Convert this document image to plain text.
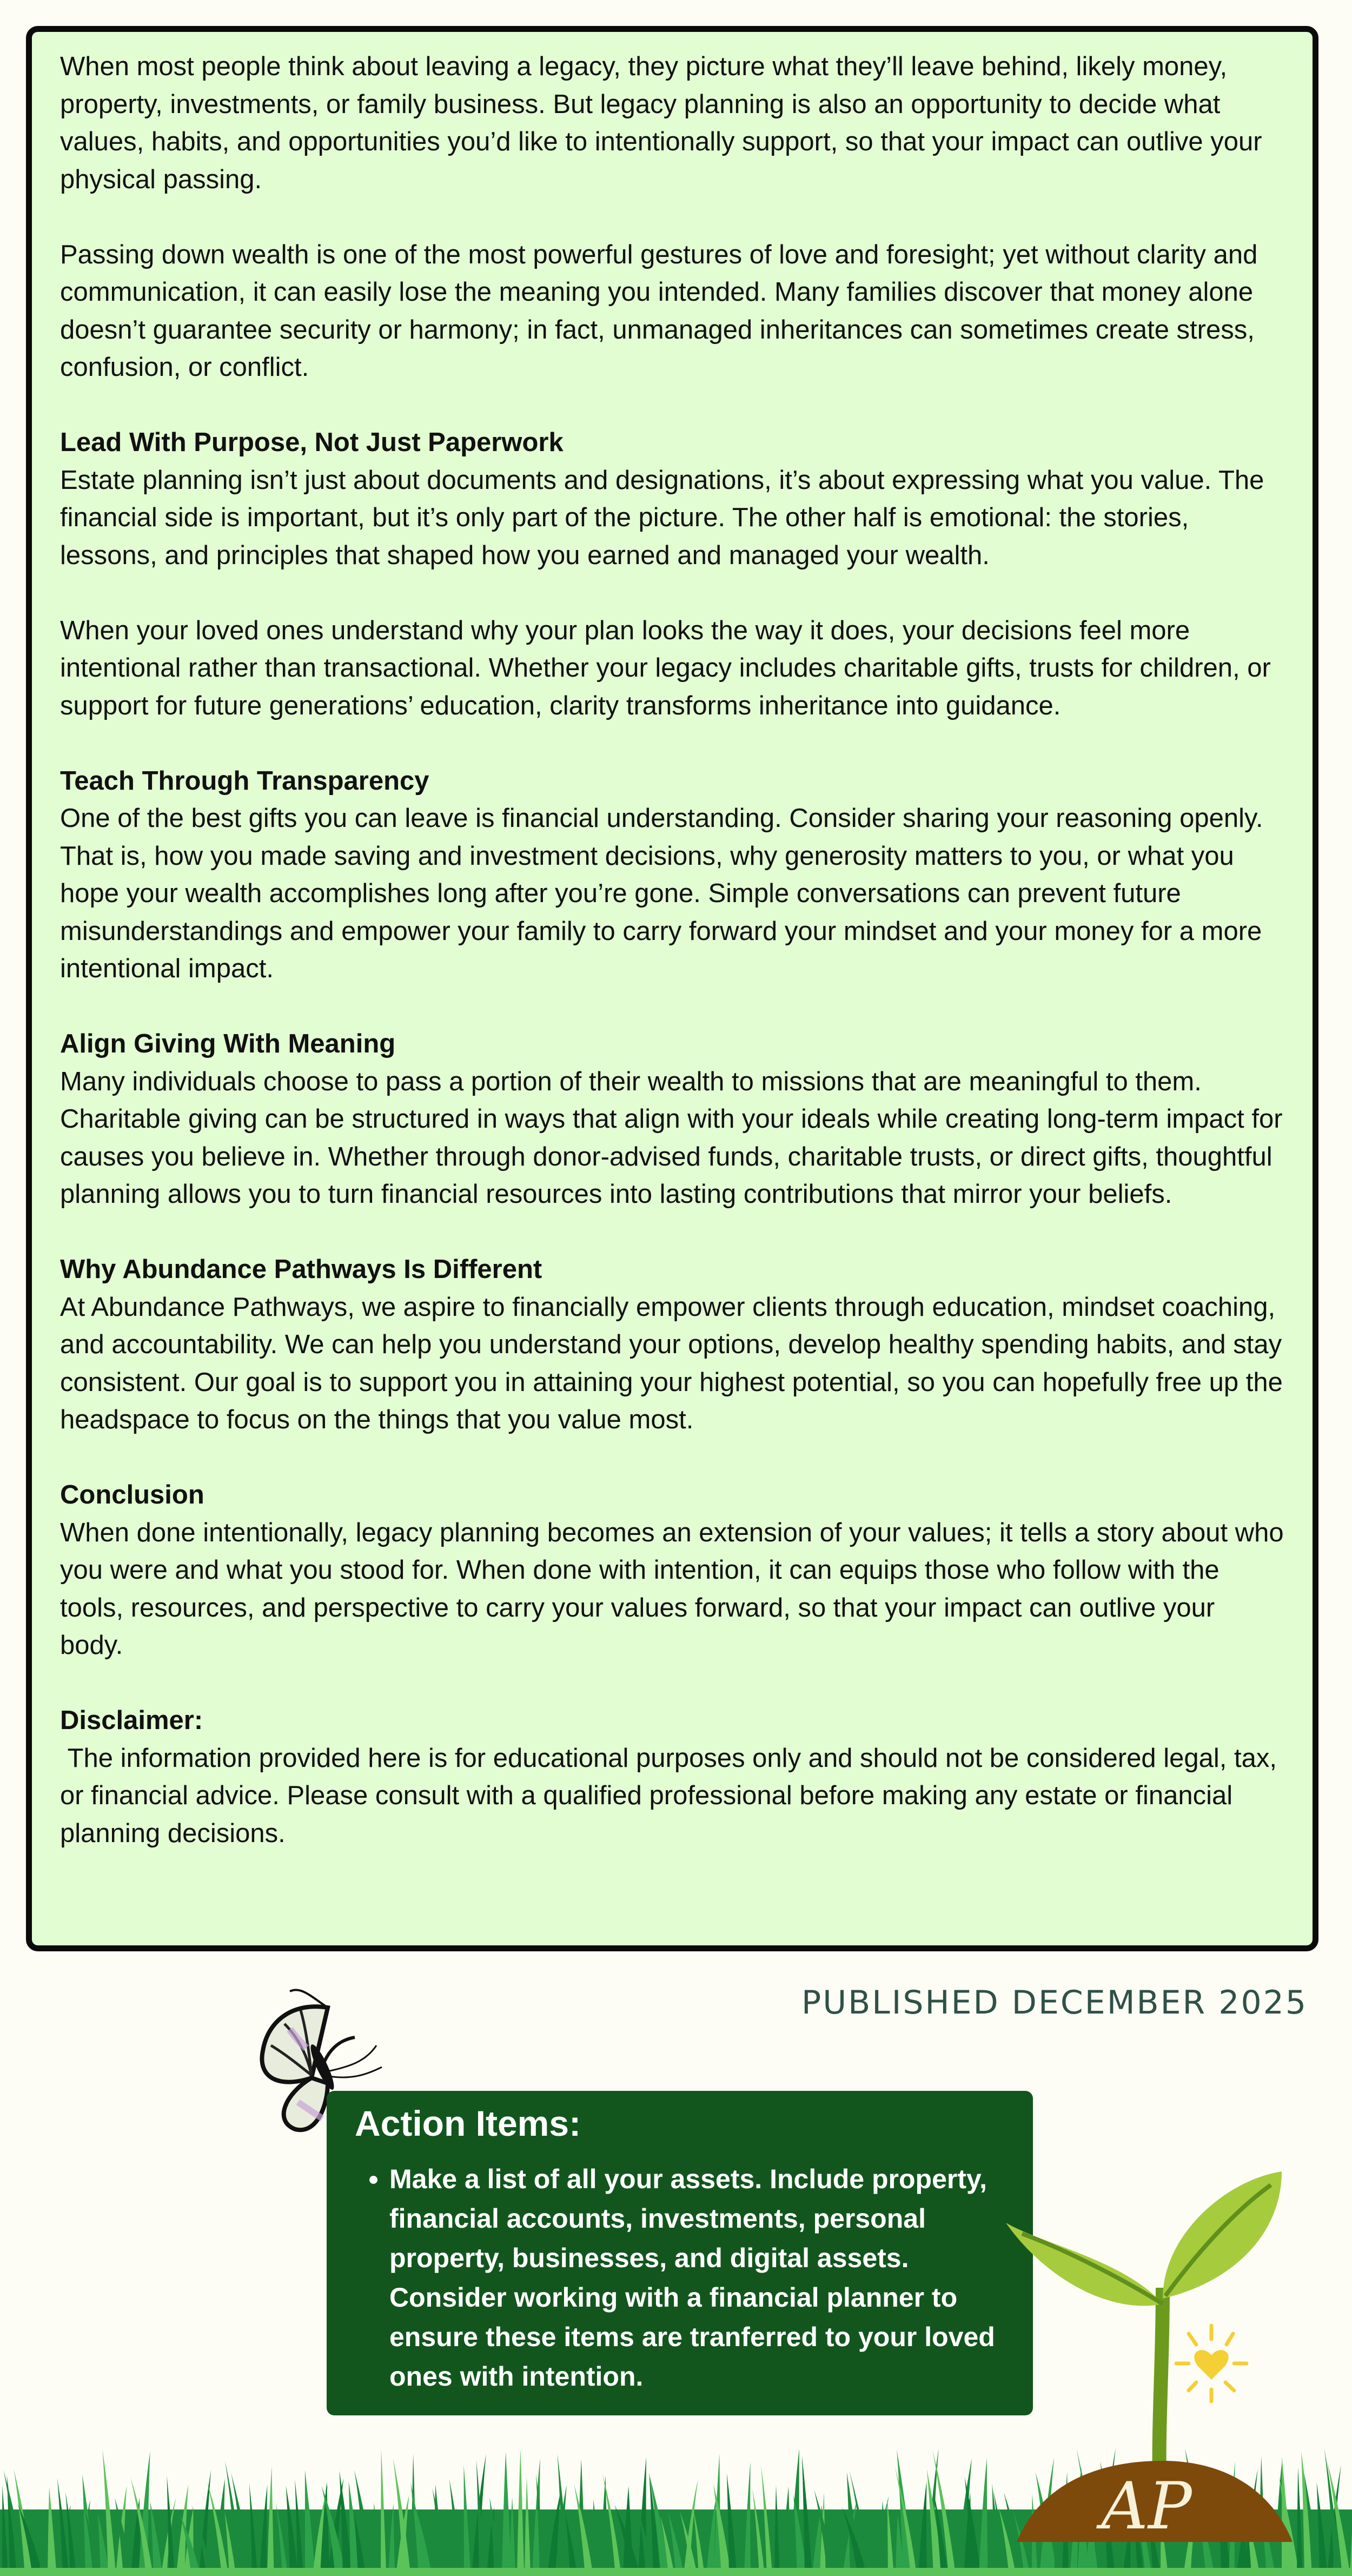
When most people think about leaving a legacy, they picture what they’ll leave behind, likely money, property, investments, or family business. But legacy planning is also an opportunity to decide what values, habits, and opportunities you’d like to intentionally support, so that your impact can outlive your physical passing.

Passing down wealth is one of the most powerful gestures of love and foresight; yet without clarity and communication, it can easily lose the meaning you intended. Many families discover that money alone doesn’t guarantee security or harmony; in fact, unmanaged inheritances can sometimes create stress, confusion, or conflict.

Lead With Purpose, Not Just Paperwork

Estate planning isn’t just about documents and designations, it’s about expressing what you value. The financial side is important, but it’s only part of the picture. The other half is emotional: the stories, lessons, and principles that shaped how you earned and managed your wealth.

When your loved ones understand why your plan looks the way it does, your decisions feel more intentional rather than transactional. Whether your legacy includes charitable gifts, trusts for children, or support for future generations’ education, clarity transforms inheritance into guidance.

Teach Through Transparency

One of the best gifts you can leave is financial understanding. Consider sharing your reasoning openly. That is, how you made saving and investment decisions, why generosity matters to you, or what you hope your wealth accomplishes long after you’re gone. Simple conversations can prevent future misunderstandings and empower your family to carry forward your mindset and your money for a more intentional impact.

Align Giving With Meaning

Many individuals choose to pass a portion of their wealth to missions that are meaningful to them. Charitable giving can be structured in ways that align with your ideals while creating long-term impact for causes you believe in. Whether through donor-advised funds, charitable trusts, or direct gifts, thoughtful planning allows you to turn financial resources into lasting contributions that mirror your beliefs.

Why Abundance Pathways Is Different

At Abundance Pathways, we aspire to financially empower clients through education, mindset coaching, and accountability. We can help you understand your options, develop healthy spending habits, and stay consistent. Our goal is to support you in attaining your highest potential, so you can hopefully free up the headspace to focus on the things that you value most.

Conclusion

When done intentionally, legacy planning becomes an extension of your values; it tells a story about who you were and what you stood for. When done with intention, it can equips those who follow with the tools, resources, and perspective to carry your values forward, so that your impact can outlive your body.

Disclaimer:

The information provided here is for educational purposes only and should not be considered legal, tax, or financial advice. Please consult with a qualified professional before making any estate or financial planning decisions.

PUBLISHED DECEMBER 2025
Action Items:
• Make a list of all your assets. Include property, financial accounts, investments, personal property, businesses, and digital assets. Consider working with a financial planner to ensure these items are tranferred to your loved ones with intention.
AP
